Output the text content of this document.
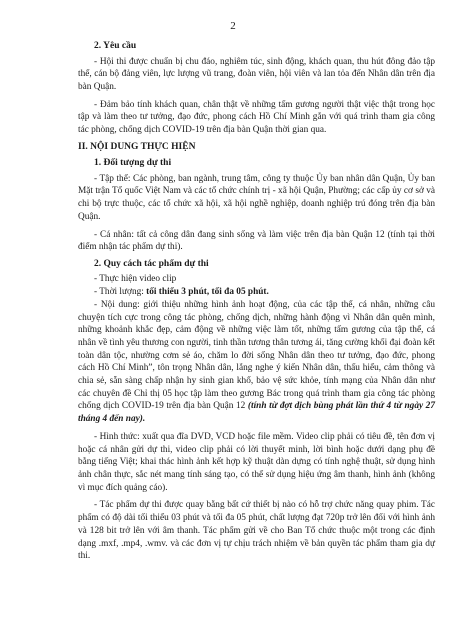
2

2. Yêu cầu

- Hội thi được chuẩn bị chu đáo, nghiêm túc, sinh động, khách quan, thu hút đông đảo tập thể, cán bộ đảng viên, lực lượng vũ trang, đoàn viên, hội viên và lan tỏa đến Nhân dân trên địa bàn Quận.

- Đảm bảo tính khách quan, chân thật về những tấm gương người thật việc thật trong học tập và làm theo tư tưởng, đạo đức, phong cách Hồ Chí Minh gắn với quá trình tham gia công tác phòng, chống dịch COVID-19 trên địa bàn Quận thời gian qua.

II. NỘI DUNG THỰC HIỆN

1. Đối tượng dự thi

- Tập thể: Các phòng, ban ngành, trung tâm, công ty thuộc Ủy ban nhân dân Quận, Ủy ban Mặt trận Tổ quốc Việt Nam và các tổ chức chính trị - xã hội Quận, Phường; các cấp ủy cơ sở và chi bộ trực thuộc, các tổ chức xã hội, xã hội nghề nghiệp, doanh nghiệp trú đóng trên địa bàn Quận.

- Cá nhân: tất cả công dân đang sinh sống và làm việc trên địa bàn Quận 12 (tính tại thời điểm nhận tác phẩm dự thi).

2. Quy cách tác phẩm dự thi

- Thực hiện video clip

- Thời lượng: tối thiểu 3 phút, tối đa 05 phút.

- Nội dung: giới thiệu những hình ảnh hoạt động, của các tập thể, cá nhân, những câu chuyện tích cực trong công tác phòng, chống dịch, những hành động vì Nhân dân quên mình, những khoảnh khắc đẹp, cảm động về những việc làm tốt, những tấm gương của tập thể, cá nhân về tình yêu thương con người, tinh thần tương thân tương ái, tăng cường khối đại đoàn kết toàn dân tộc, nhường cơm sẻ áo, chăm lo đời sống Nhân dân theo tư tưởng, đạo đức, phong cách Hồ Chí Minh”, tôn trọng Nhân dân, lắng nghe ý kiến Nhân dân, thấu hiểu, cảm thông và chia sẻ, sẵn sàng chấp nhận hy sinh gian khổ, bảo vệ sức khỏe, tính mạng của Nhân dân như các chuyên đề Chỉ thị 05 học tập làm theo gương Bác trong quá trình tham gia công tác phòng chống dịch COVID-19 trên địa bàn Quận 12 (tính từ đợt dịch bùng phát lần thứ 4 từ ngày 27 tháng 4 đến nay).

- Hình thức: xuất qua đĩa DVD, VCD hoặc file mềm. Video clip phải có tiêu đề, tên đơn vị hoặc cá nhân gửi dự thi, video clip phải có lời thuyết minh, lời bình hoặc dưới dạng phụ đề bằng tiếng Việt; khai thác hình ảnh kết hợp kỹ thuật dàn dựng có tính nghệ thuật, sử dụng hình ảnh chân thực, sắc nét mang tính sáng tạo, có thể sử dụng hiệu ứng âm thanh, hình ảnh (không vì mục đích quảng cáo).

- Tác phẩm dự thi được quay bằng bất cứ thiết bị nào có hỗ trợ chức năng quay phim. Tác phẩm có độ dài tối thiểu 03 phút và tối đa 05 phút, chất lượng đạt 720p trở lên đối với hình ảnh và 128 bit trở lên với âm thanh. Tác phẩm gửi về cho Ban Tổ chức thuộc một trong các định dạng .mxf, .mp4, .wmv. và các đơn vị tự chịu trách nhiệm về bản quyền tác phẩm tham gia dự thi.
